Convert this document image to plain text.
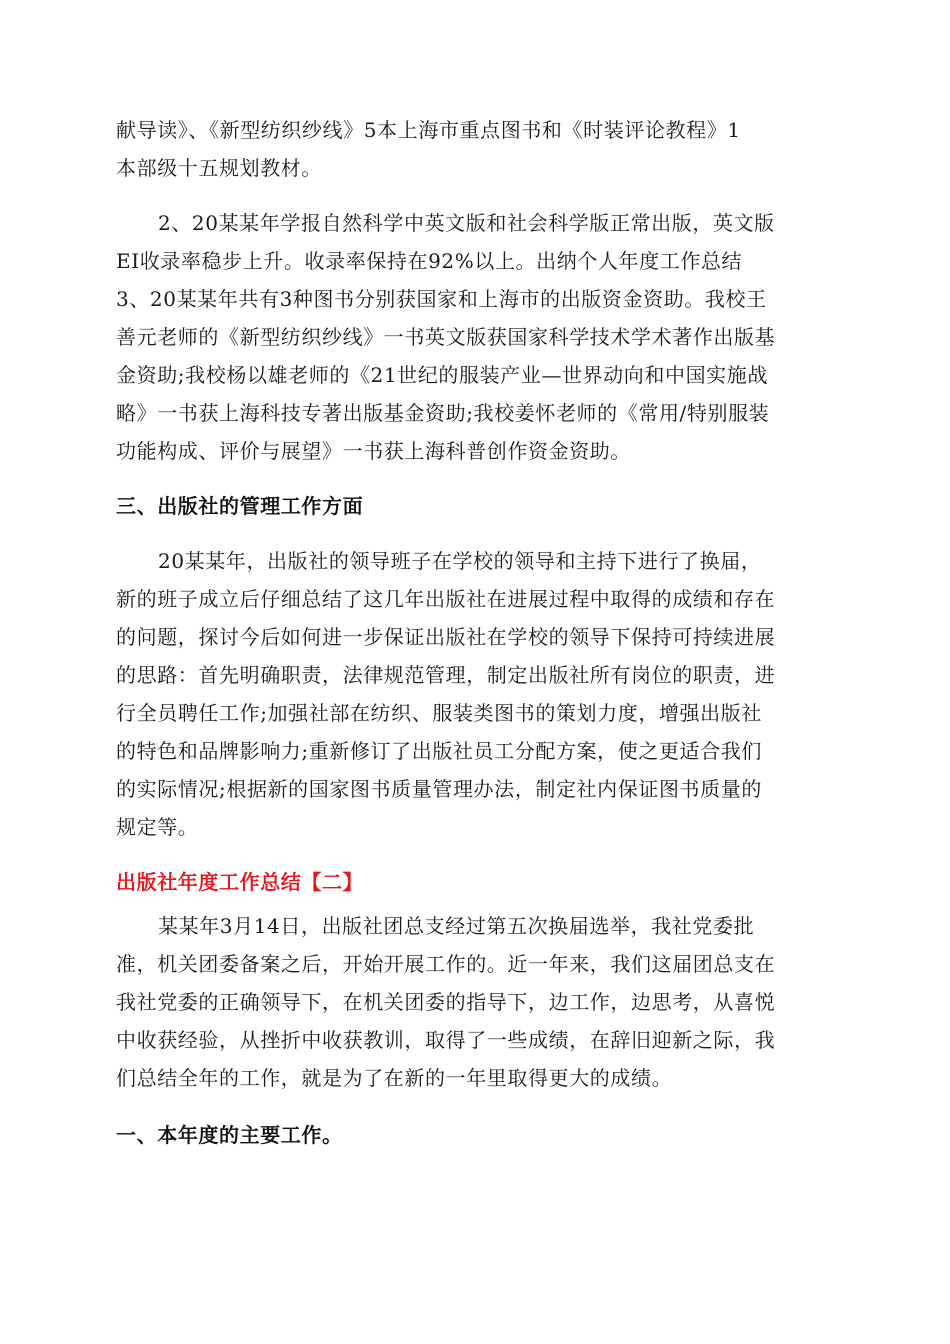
献导读》、《新型纺织纱线》5本上海市重点图书和《时装评论教程》1
本部级十五规划教材。
2、20某某年学报自然科学中英文版和社会科学版正常出版，英文版
EI收录率稳步上升。收录率保持在92%以上。出纳个人年度工作总结
3、20某某年共有3种图书分别获国家和上海市的出版资金资助。我校王
善元老师的《新型纺织纱线》一书英文版获国家科学技术学术著作出版基
金资助;我校杨以雄老师的《21世纪的服装产业—世界动向和中国实施战
略》一书获上海科技专著出版基金资助;我校姜怀老师的《常用/特别服装
功能构成、评价与展望》一书获上海科普创作资金资助。
三、出版社的管理工作方面
20某某年，出版社的领导班子在学校的领导和主持下进行了换届，
新的班子成立后仔细总结了这几年出版社在进展过程中取得的成绩和存在
的问题，探讨今后如何进一步保证出版社在学校的领导下保持可持续进展
的思路：首先明确职责，法律规范管理，制定出版社所有岗位的职责，进
行全员聘任工作;加强社部在纺织、服装类图书的策划力度，增强出版社
的特色和品牌影响力;重新修订了出版社员工分配方案，使之更适合我们
的实际情况;根据新的国家图书质量管理办法，制定社内保证图书质量的
规定等。
出版社年度工作总结【二】
某某年3月14日，出版社团总支经过第五次换届选举，我社党委批
准，机关团委备案之后，开始开展工作的。近一年来，我们这届团总支在
我社党委的正确领导下，在机关团委的指导下，边工作，边思考，从喜悦
中收获经验，从挫折中收获教训，取得了一些成绩，在辞旧迎新之际，我
们总结全年的工作，就是为了在新的一年里取得更大的成绩。
一、本年度的主要工作。
